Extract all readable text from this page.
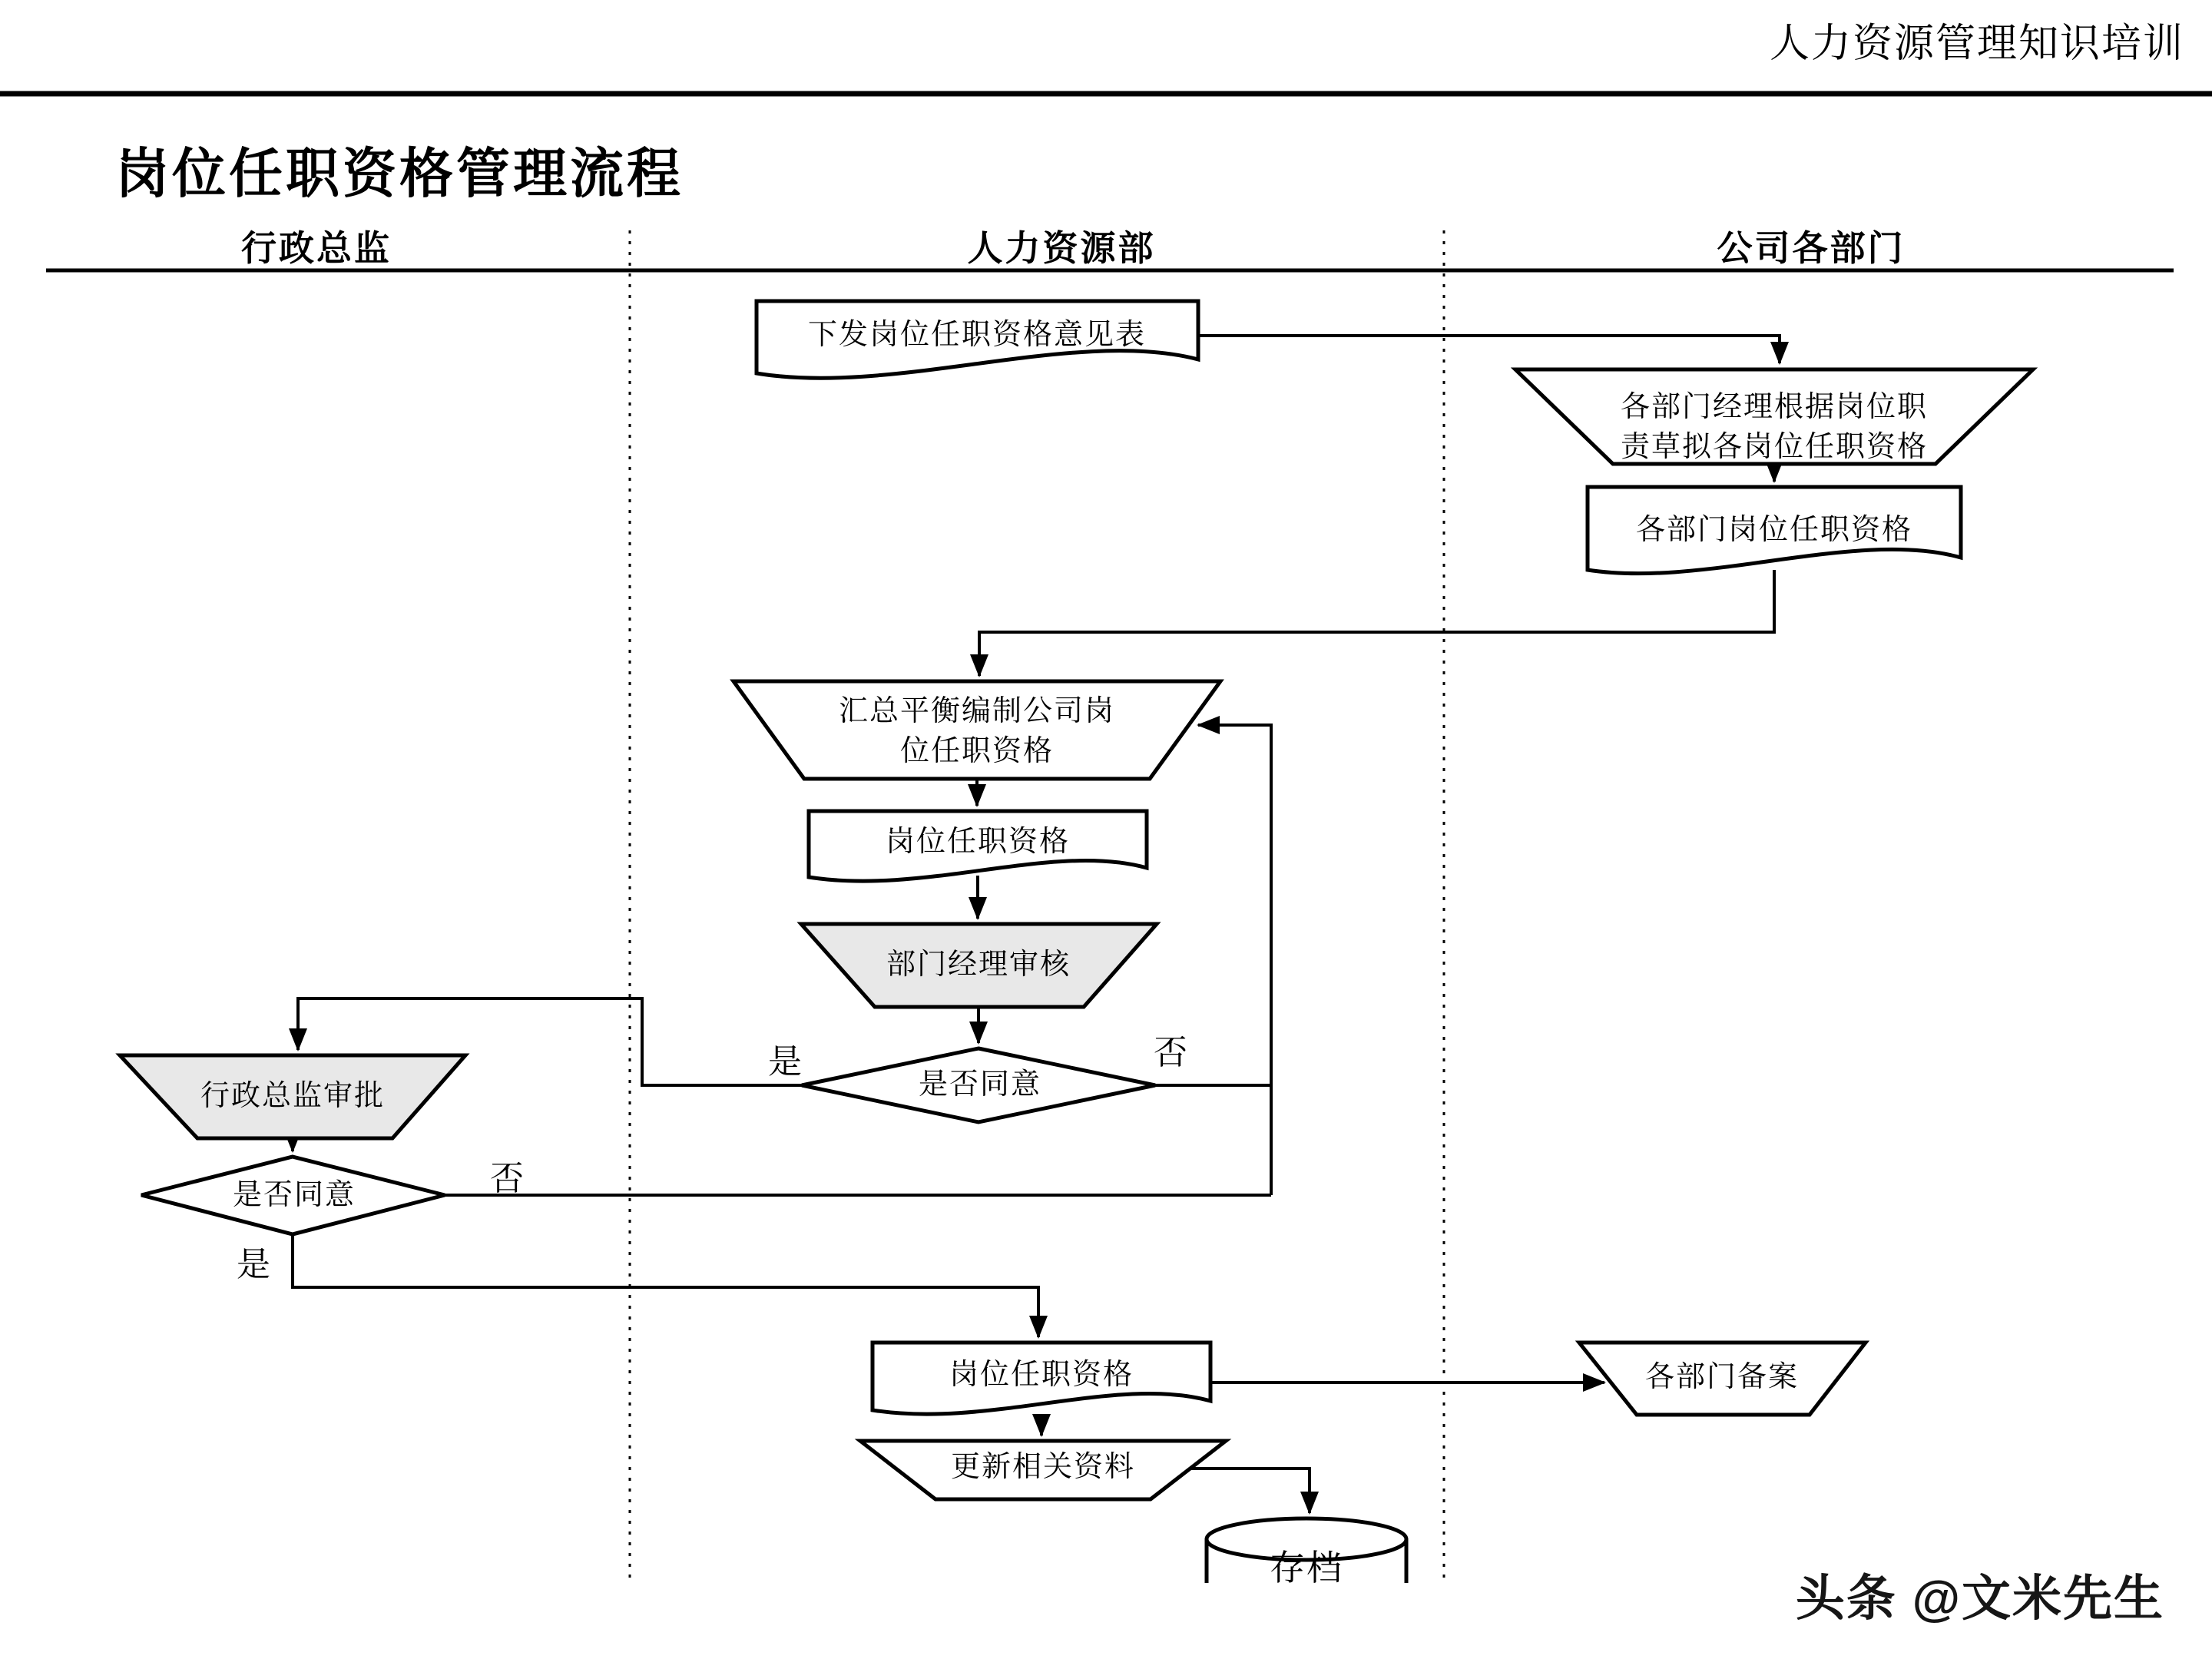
人力资源管理知识培训
岗位任职资格管理流程
行政总监	人力资源部	公司各部门
下发岗位任职资格意见表
各部门经理根据岗位职
责草拟各岗位任职资格
各部门岗位任职资格
汇总平衡编制公司岗
位任职资格
岗位任职资格
部门经理审核
是否同意
行政总监审批
是否同意
岗位任职资格	各部门备案
更新相关资料
存档
是	否
否
是
头条 @文米先生
